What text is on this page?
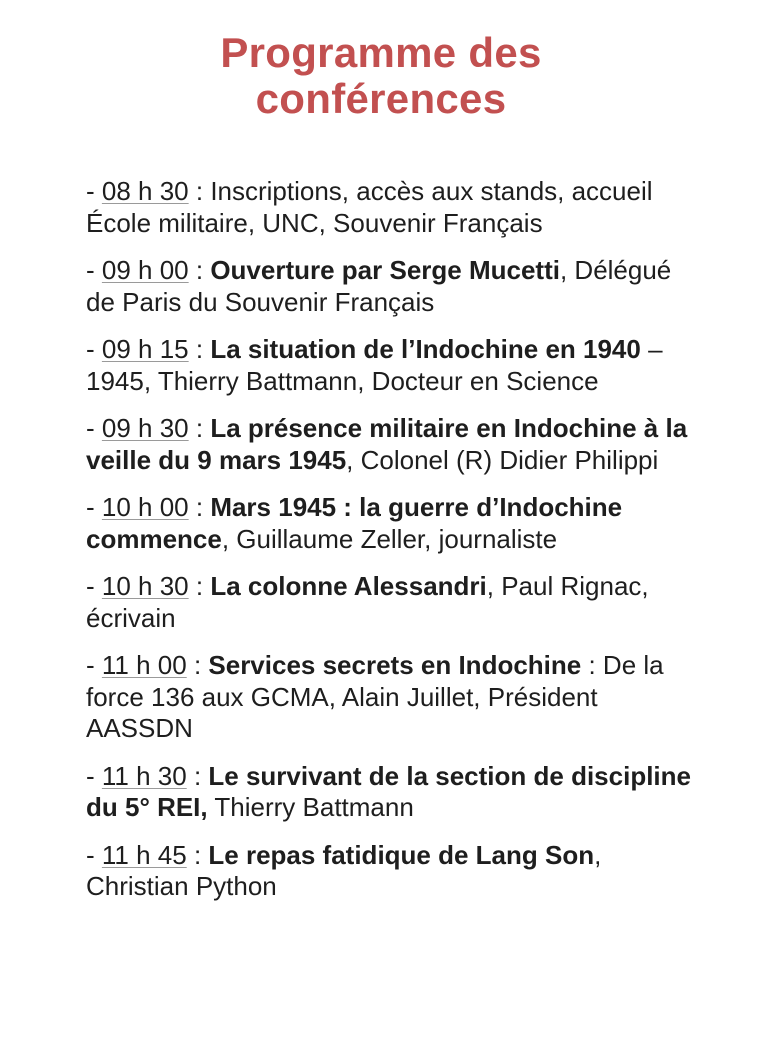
Programme des
conférences
- 08 h 30 : Inscriptions, accès aux stands, accueil École militaire, UNC, Souvenir Français
- 09 h 00 : Ouverture par Serge Mucetti, Délégué de Paris du Souvenir Français
- 09 h 15 : La situation de l’Indochine en 1940 – 1945, Thierry Battmann, Docteur en Science
- 09 h 30 : La présence militaire en Indochine à la veille du 9 mars 1945, Colonel (R) Didier Philippi
- 10 h 00 : Mars 1945 : la guerre d’Indochine commence, Guillaume Zeller, journaliste
- 10 h 30 : La colonne Alessandri, Paul Rignac, écrivain
- 11 h 00 : Services secrets en Indochine : De la force 136 aux GCMA, Alain Juillet, Président AASSDN
- 11 h 30 : Le survivant de la section de discipline du 5° REI, Thierry Battmann
- 11 h 45 : Le repas fatidique de Lang Son, Christian Python
